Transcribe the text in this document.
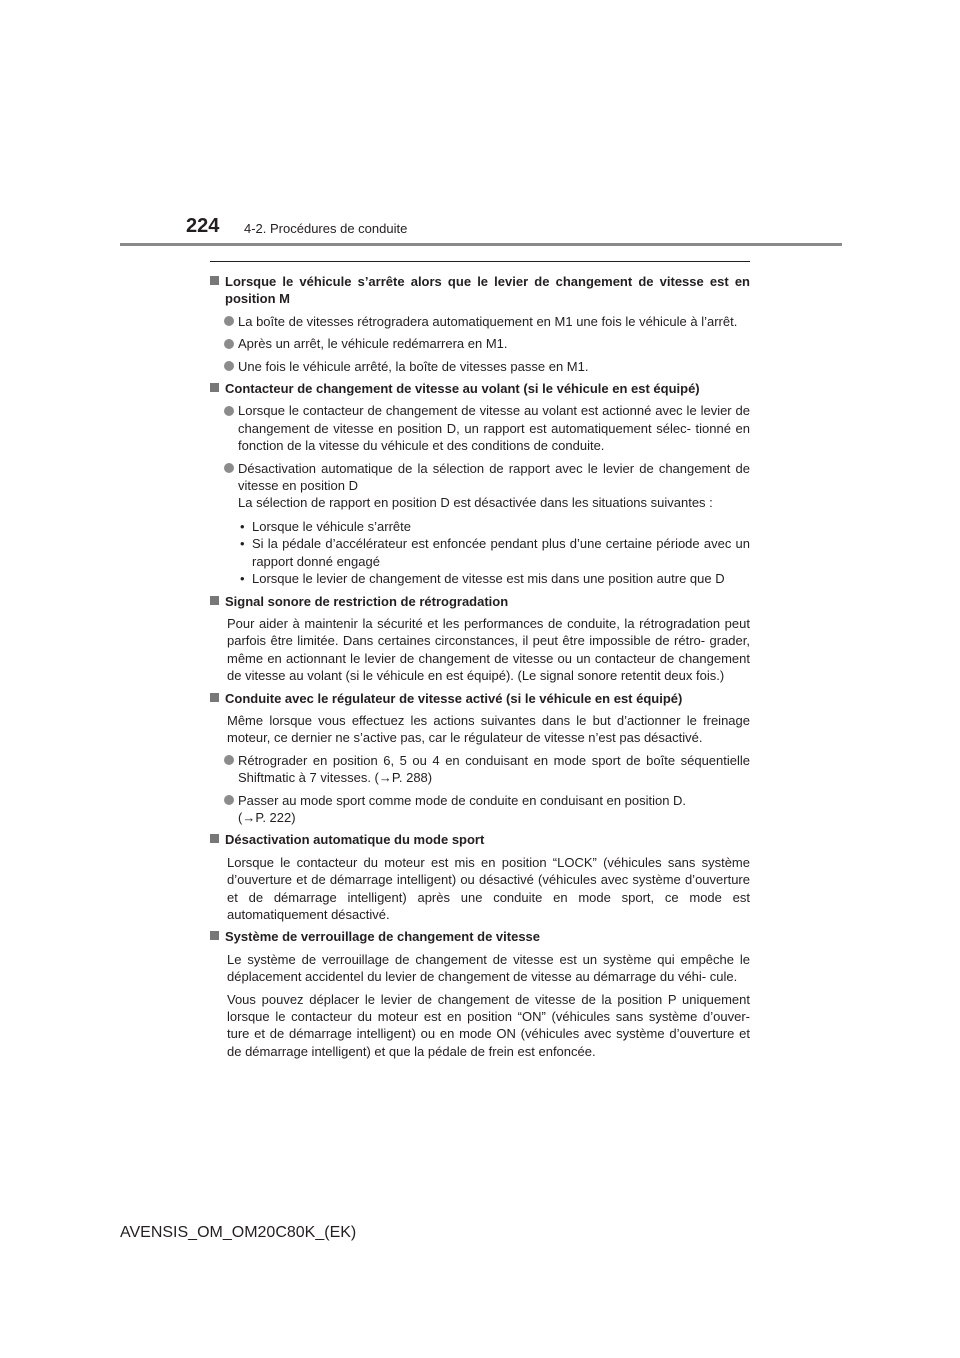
224 4-2. Procédures de conduite
Lorsque le véhicule s’arrête alors que le levier de changement de vitesse est en position M
La boîte de vitesses rétrogradera automatiquement en M1 une fois le véhicule à l’arrêt.
Après un arrêt, le véhicule redémarrera en M1.
Une fois le véhicule arrêté, la boîte de vitesses passe en M1.
Contacteur de changement de vitesse au volant (si le véhicule en est équipé)
Lorsque le contacteur de changement de vitesse au volant est actionné avec le levier de changement de vitesse en position D, un rapport est automatiquement sélec- tionné en fonction de la vitesse du véhicule et des conditions de conduite.
Désactivation automatique de la sélection de rapport avec le levier de changement de vitesse en position D
La sélection de rapport en position D est désactivée dans les situations suivantes :
• Lorsque le véhicule s’arrête
• Si la pédale d’accélérateur est enfoncée pendant plus d’une certaine période avec un rapport donné engagé
• Lorsque le levier de changement de vitesse est mis dans une position autre que D
Signal sonore de restriction de rétrogradation
Pour aider à maintenir la sécurité et les performances de conduite, la rétrogradation peut parfois être limitée. Dans certaines circonstances, il peut être impossible de rétro- grader, même en actionnant le levier de changement de vitesse ou un contacteur de changement de vitesse au volant (si le véhicule en est équipé). (Le signal sonore retentit deux fois.)
Conduite avec le régulateur de vitesse activé (si le véhicule en est équipé)
Même lorsque vous effectuez les actions suivantes dans le but d’actionner le freinage moteur, ce dernier ne s’active pas, car le régulateur de vitesse n’est pas désactivé.
Rétrograder en position 6, 5 ou 4 en conduisant en mode sport de boîte séquentielle Shiftmatic à 7 vitesses. (→P. 288)
Passer au mode sport comme mode de conduite en conduisant en position D.
(→P. 222)
Désactivation automatique du mode sport
Lorsque le contacteur du moteur est mis en position “LOCK” (véhicules sans système d’ouverture et de démarrage intelligent) ou désactivé (véhicules avec système d’ouverture et de démarrage intelligent) après une conduite en mode sport, ce mode est automatiquement désactivé.
Système de verrouillage de changement de vitesse
Le système de verrouillage de changement de vitesse est un système qui empêche le déplacement accidentel du levier de changement de vitesse au démarrage du véhi- cule.
Vous pouvez déplacer le levier de changement de vitesse de la position P uniquement lorsque le contacteur du moteur est en position “ON” (véhicules sans système d’ouver- ture et de démarrage intelligent) ou en mode ON (véhicules avec système d’ouverture et de démarrage intelligent) et que la pédale de frein est enfoncée.
AVENSIS_OM_OM20C80K_(EK)
